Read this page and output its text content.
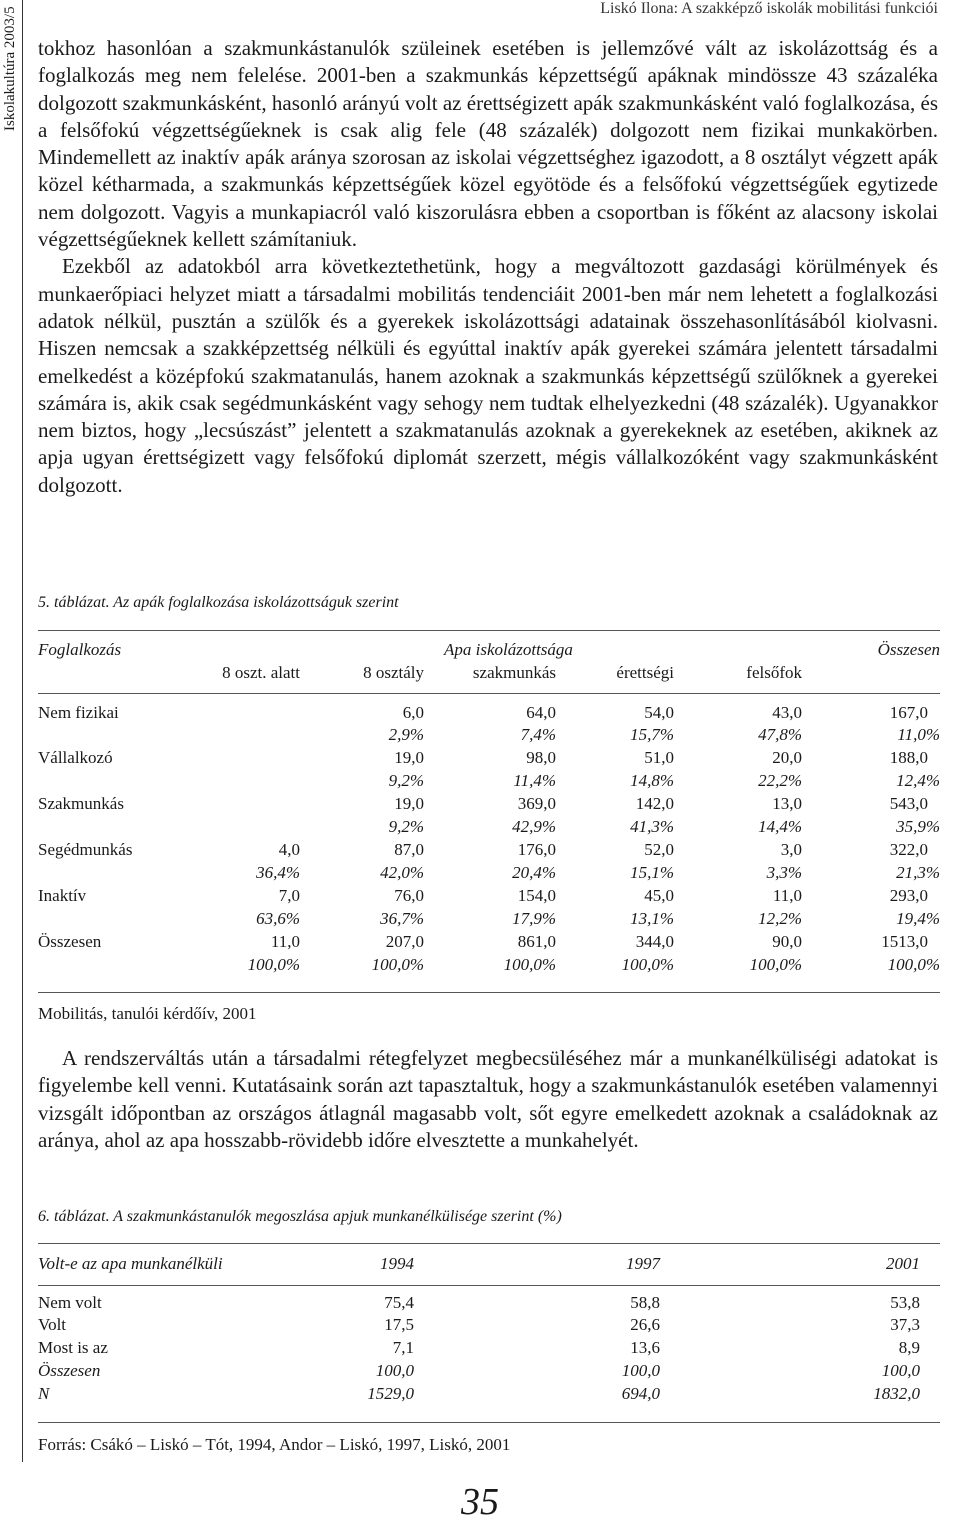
Iskolakultúra 2003/5	Liskó Ilona: A szakképző iskolák mobilitási funkciói

tokhoz hasonlóan a szakmunkástanulók szüleinek esetében is jellemzővé vált az iskolázottság és a foglalkozás meg nem felelése. 2001-ben a szakmunkás képzettségű apáknak mindössze 43 százaléka dolgozott szakmunkásként, hasonló arányú volt az érettségizett apák szakmunkásként való foglalkozása, és a felsőfokú végzettségűeknek is csak alig fele (48 százalék) dolgozott nem fizikai munkakörben. Mindemellett az inaktív apák aránya szorosan az iskolai végzettséghez igazodott, a 8 osztályt végzett apák közel kétharmada, a szakmunkás képzettségűek közel egyötöde és a felsőfokú végzettségűek egytizede nem dolgozott. Vagyis a munkapiacról való kiszorulásra ebben a csoportban is főként az alacsony iskolai végzettségűeknek kellett számítaniuk.

Ezekből az adatokból arra következtethetünk, hogy a megváltozott gazdasági körülmények és munkaerőpiaci helyzet miatt a társadalmi mobilitás tendenciáit 2001-ben már nem lehetett a foglalkozási adatok nélkül, pusztán a szülők és a gyerekek iskolázottsági adatainak összehasonlításából kiolvasni. Hiszen nemcsak a szakképzettség nélküli és egyúttal inaktív apák gyerekei számára jelentett társadalmi emelkedést a középfokú szakmatanulás, hanem azoknak a szakmunkás képzettségű szülőknek a gyerekei számára is, akik csak segédmunkásként vagy sehogy nem tudtak elhelyezkedni (48 százalék). Ugyanakkor nem biztos, hogy „lecsúszást” jelentett a szakmatanulás azoknak a gyerekeknek az esetében, akiknek az apja ugyan érettségizett vagy felsőfokú diplomát szerzett, mégis vállalkozóként vagy szakmunkásként dolgozott.

5. táblázat. Az apák foglalkozása iskolázottságuk szerint
Foglalkozás			Apa iskolázottsága			Összesen
	8 oszt. alatt	8 osztály	szakmunkás	érettségi	felsőfok	
Nem fizikai		6,0	64,0	54,0	43,0	167,0
		2,9%	7,4%	15,7%	47,8%	11,0%
Vállalkozó		19,0	98,0	51,0	20,0	188,0
		9,2%	11,4%	14,8%	22,2%	12,4%
Szakmunkás		19,0	369,0	142,0	13,0	543,0
		9,2%	42,9%	41,3%	14,4%	35,9%
Segédmunkás	4,0	87,0	176,0	52,0	3,0	322,0
	36,4%	42,0%	20,4%	15,1%	3,3%	21,3%
Inaktív	7,0	76,0	154,0	45,0	11,0	293,0
	63,6%	36,7%	17,9%	13,1%	12,2%	19,4%
Összesen	11,0	207,0	861,0	344,0	90,0	1513,0
	100,0%	100,0%	100,0%	100,0%	100,0%	100,0%
Mobilitás, tanulói kérdőív, 2001
A rendszerváltás után a társadalmi rétegfelyzet megbecsüléséhez már a munkanélküliségi adatokat is figyelembe kell venni. Kutatásaink során azt tapasztaltuk, hogy a szakmunkástanulók esetében valamennyi vizsgált időpontban az országos átlagnál magasabb volt, sőt egyre emelkedett azoknak a családoknak az aránya, ahol az apa hosszabb-rövidebb időre elvesztette a munkahelyét.
6. táblázat. A szakmunkástanulók megoszlása apjuk munkanélkülisége szerint (%)
Volt-e az apa munkanélküli	1994	1997	2001
Nem volt	75,4	58,8	53,8
Volt	17,5	26,6	37,3
Most is az	7,1	13,6	8,9
Összesen	100,0	100,0	100,0
N	1529,0	694,0	1832,0
Forrás: Csákó – Liskó – Tót, 1994, Andor – Liskó, 1997, Liskó, 2001
35
